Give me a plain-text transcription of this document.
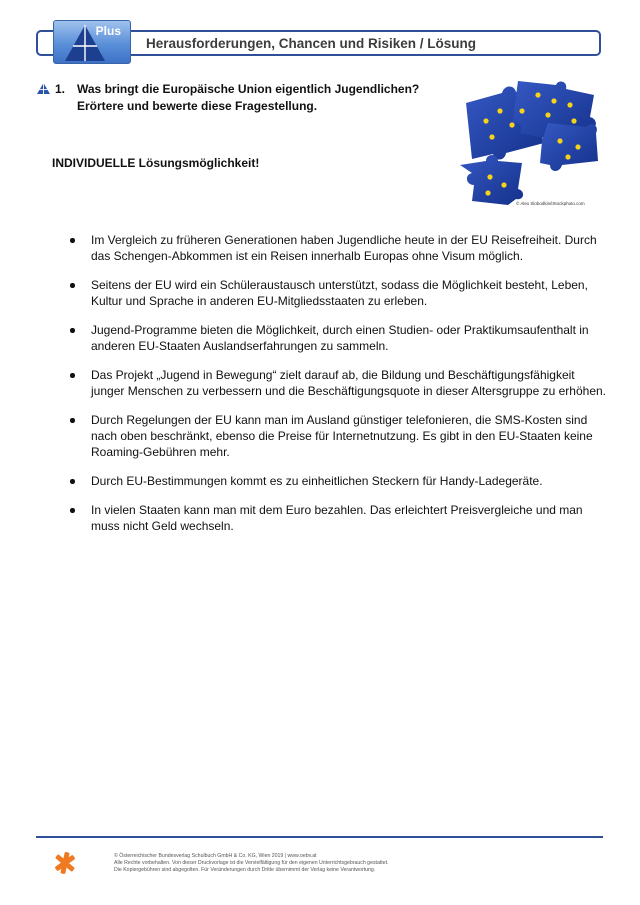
Plus
Herausforderungen, Chancen und Risiken / Lösung
1. Was bringt die Europäische Union eigentlich Jugendlichen?
Erörtere und bewerte diese Fragestellung.
© Alex Slobodkin/iStockphoto.com
INDIVIDUELLE Lösungsmöglichkeit!
Im Vergleich zu früheren Generationen haben Jugendliche heute in der EU Reisefreiheit. Durch das Schengen-Abkommen ist ein Reisen innerhalb Europas ohne Visum möglich.
Seitens der EU wird ein Schüleraustausch unterstützt, sodass die Möglichkeit besteht, Leben, Kultur und Sprache in anderen EU-Mitgliedsstaaten zu erleben.
Jugend-Programme bieten die Möglichkeit, durch einen Studien- oder Praktikumsaufenthalt in anderen EU-Staaten Auslandserfahrungen zu sammeln.
Das Projekt „Jugend in Bewegung“ zielt darauf ab, die Bildung und Beschäftigungsfähigkeit junger Menschen zu verbessern und die Beschäftigungsquote in dieser Altersgruppe zu erhöhen.
Durch Regelungen der EU kann man im Ausland günstiger telefonieren, die SMS-Kosten sind nach oben beschränkt, ebenso die Preise für Internetnutzung. Es gibt in den EU-Staaten keine Roaming-Gebühren mehr.
Durch EU-Bestimmungen kommt es zu einheitlichen Steckern für Handy-Ladegeräte.
In vielen Staaten kann man mit dem Euro bezahlen. Das erleichtert Preisvergleiche und man muss nicht Geld wechseln.
© Österreichischer Bundesverlag Schulbuch GmbH & Co. KG, Wien 2019 | www.oebv.at
Alle Rechte vorbehalten. Von dieser Druckvorlage ist die Vervielfältigung für den eigenen Unterrichtsgebrauch gestattet.
Die Kopiergebühren sind abgegolten. Für Veränderungen durch Dritte übernimmt der Verlag keine Verantwortung.
